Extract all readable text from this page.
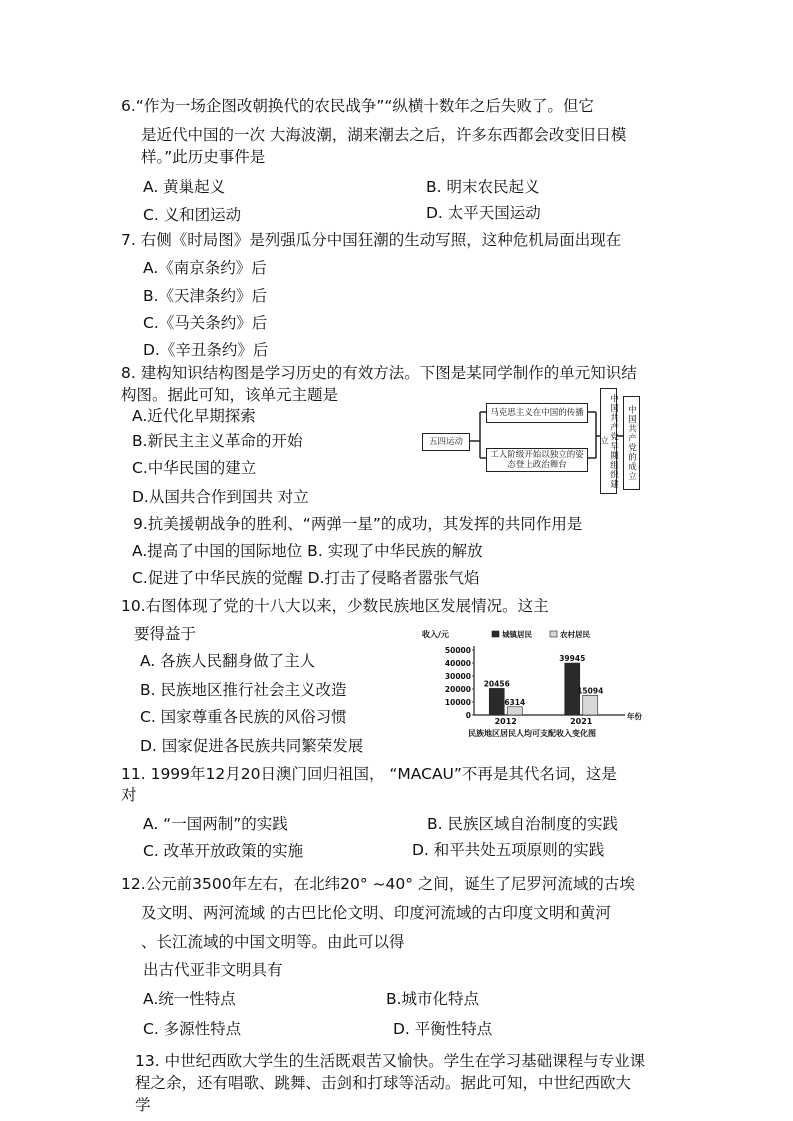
6.“作为一场企图改朝换代的农民战争”“纵横十数年之后失败了。但它
是近代中国的一次 大海波潮，湖来潮去之后，许多东西都会改变旧日模
样。”此历史事件是
A. 黄巢起义	B. 明末农民起义
C. 义和团运动	D. 太平天国运动
7. 右侧《时局图》是列强瓜分中国狂潮的生动写照，这种危机局面出现在
A.《南京条约》后
B.《天津条约》后
C.《马关条约》后
D.《辛丑条约》后
8. 建构知识结构图是学习历史的有效方法。下图是某同学制作的单元知识结
构图。据此可知，该单元主题是
A.近代化早期探索
B.新民主主义革命的开始
C.中华民国的建立
D.从国共合作到国共 对立
五四运动
马克思主义在中国的传播
工人阶级开始以独立的姿态登上政治舞台	中国共产党早期组织建立	中国共产党的成立
9.抗美援朝战争的胜利、“两弹一星”的成功，其发挥的共同作用是
A.提高了中国的国际地位 B. 实现了中华民族的解放
C.促进了中华民族的觉醒 D.打击了侵略者嚣张气焰
10.右图体现了党的十八大以来，少数民族地区发展情况。这主
要得益于
A. 各族人民翻身做了主人
B. 民族地区推行社会主义改造
C. 国家尊重各民族的风俗习惯
D. 国家促进各民族共同繁荣发展
收入/元	城镇居民	农村居民
50000
40000
30000
20000
10000
0
20456
6314
2012
39945
15094
2021
年份
民族地区居民人均可支配收入变化图
11. 1999年12月20日澳门回归祖国， “MACAU”不再是其代名词，这是
对
A. “一国两制”的实践	B. 民族区域自治制度的实践
C. 改革开放政策的实施	D. 和平共处五项原则的实践
12.公元前3500年左右，在北纬20° ~40° 之间，诞生了尼罗河流域的古埃
及文明、两河流域 的古巴比伦文明、印度河流域的古印度文明和黄河
、长江流域的中国文明等。由此可以得
出古代亚非文明具有
A.统一性特点	B.城市化特点
C. 多源性特点	D. 平衡性特点
13. 中世纪西欧大学生的生活既艰苦又愉快。学生在学习基础课程与专业课
程之余，还有唱歌、跳舞、击剑和打球等活动。据此可知，中世纪西欧大
学
